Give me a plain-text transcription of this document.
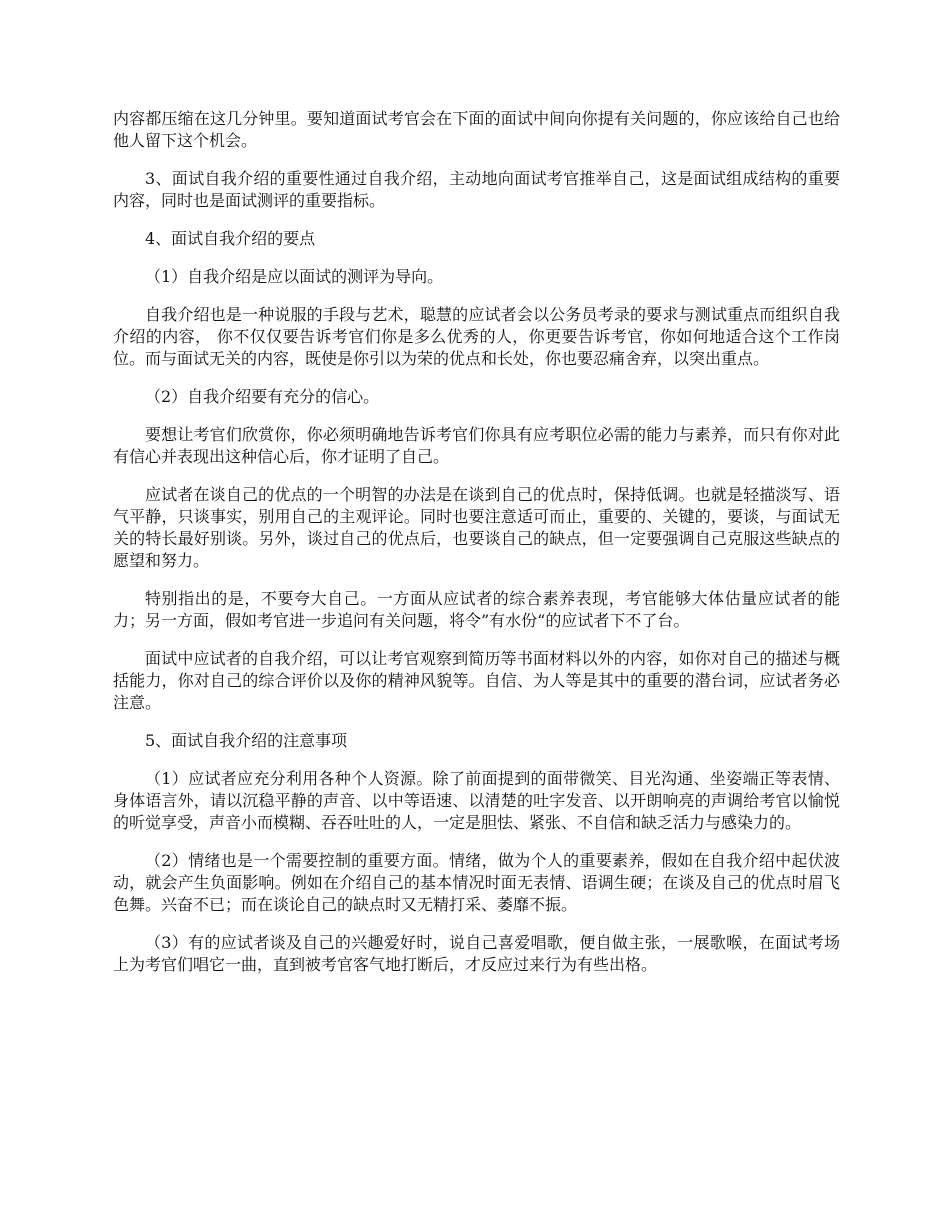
内容都压缩在这几分钟里。要知道面试考官会在下面的面试中间向你提有关问题的，你应该给自己也给他人留下这个机会。

3、面试自我介绍的重要性通过自我介绍，主动地向面试考官推举自己，这是面试组成结构的重要内容，同时也是面试测评的重要指标。

4、面试自我介绍的要点

（1）自我介绍是应以面试的测评为导向。

自我介绍也是一种说服的手段与艺术，聪慧的应试者会以公务员考录的要求与测试重点而组织自我介绍的内容， 你不仅仅要告诉考官们你是多么优秀的人，你更要告诉考官，你如何地适合这个工作岗位。而与面试无关的内容，既使是你引以为荣的优点和长处，你也要忍痛舍弃，以突出重点。

（2）自我介绍要有充分的信心。

要想让考官们欣赏你，你必须明确地告诉考官们你具有应考职位必需的能力与素养，而只有你对此有信心并表现出这种信心后，你才证明了自己。

应试者在谈自己的优点的一个明智的办法是在谈到自己的优点时，保持低调。也就是轻描淡写、语气平静，只谈事实，别用自己的主观评论。同时也要注意适可而止，重要的、关键的，要谈，与面试无关的特长最好别谈。另外，谈过自己的优点后，也要谈自己的缺点，但一定要强调自己克服这些缺点的愿望和努力。

特别指出的是，不要夸大自己。一方面从应试者的综合素养表现，考官能够大体估量应试者的能力；另一方面，假如考官进一步追问有关问题，将令”有水份“的应试者下不了台。

面试中应试者的自我介绍，可以让考官观察到简历等书面材料以外的内容，如你对自己的描述与概括能力，你对自己的综合评价以及你的精神风貌等。自信、为人等是其中的重要的潜台词，应试者务必注意。

5、面试自我介绍的注意事项

（1）应试者应充分利用各种个人资源。除了前面提到的面带微笑、目光沟通、坐姿端正等表情、身体语言外，请以沉稳平静的声音、以中等语速、以清楚的吐字发音、以开朗响亮的声调给考官以愉悦的听觉享受，声音小而模糊、吞吞吐吐的人，一定是胆怯、紧张、不自信和缺乏活力与感染力的。

（2）情绪也是一个需要控制的重要方面。情绪，做为个人的重要素养，假如在自我介绍中起伏波动，就会产生负面影响。例如在介绍自己的基本情况时面无表情、语调生硬；在谈及自己的优点时眉飞色舞。兴奋不已；而在谈论自己的缺点时又无精打采、萎靡不振。

（3）有的应试者谈及自己的兴趣爱好时，说自己喜爱唱歌，便自做主张，一展歌喉，在面试考场上为考官们唱它一曲，直到被考官客气地打断后，才反应过来行为有些出格。
